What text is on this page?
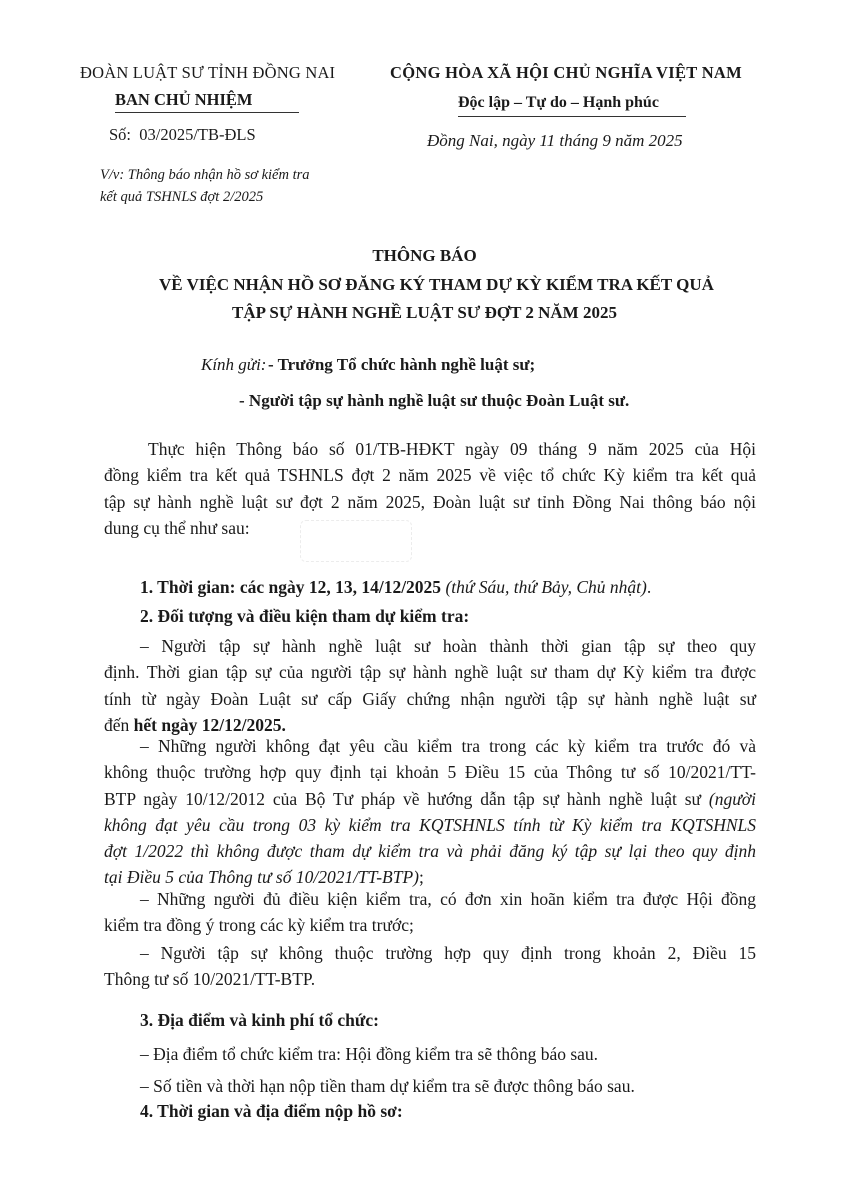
ĐOÀN LUẬT SƯ TỈNH ĐỒNG NAI
BAN CHỦ NHIỆM
Số: 03/2025/TB-ĐLS
V/v: Thông báo nhận hồ sơ kiểm tra
kết quả TSHNLS đợt 2/2025
CỘNG HÒA XÃ HỘI CHỦ NGHĨA VIỆT NAM
Độc lập – Tự do – Hạnh phúc
Đồng Nai, ngày 11 tháng 9 năm 2025
THÔNG BÁO
VỀ VIỆC NHẬN HỒ SƠ ĐĂNG KÝ THAM DỰ KỲ KIỂM TRA KẾT QUẢ
TẬP SỰ HÀNH NGHỀ LUẬT SƯ ĐỢT 2 NĂM 2025
Kính gửi: - Trưởng Tổ chức hành nghề luật sư;
- Người tập sự hành nghề luật sư thuộc Đoàn Luật sư.
Thực hiện Thông báo số 01/TB-HĐKT ngày 09 tháng 9 năm 2025 của Hội
đồng kiểm tra kết quả TSHNLS đợt 2 năm 2025 về việc tổ chức Kỳ kiểm tra kết quả
tập sự hành nghề luật sư đợt 2 năm 2025, Đoàn luật sư tỉnh Đồng Nai thông báo nội
dung cụ thể như sau:
1. Thời gian: các ngày 12, 13, 14/12/2025 (thứ Sáu, thứ Bảy, Chủ nhật).
2. Đối tượng và điều kiện tham dự kiểm tra:
– Người tập sự hành nghề luật sư hoàn thành thời gian tập sự theo quy
định. Thời gian tập sự của người tập sự hành nghề luật sư tham dự Kỳ kiểm tra được
tính từ ngày Đoàn Luật sư cấp Giấy chứng nhận người tập sự hành nghề luật sư
đến hết ngày 12/12/2025.
– Những người không đạt yêu cầu kiểm tra trong các kỳ kiểm tra trước đó và
không thuộc trường hợp quy định tại khoản 5 Điều 15 của Thông tư số 10/2021/TT-
BTP ngày 10/12/2012 của Bộ Tư pháp về hướng dẫn tập sự hành nghề luật sư (người
không đạt yêu cầu trong 03 kỳ kiểm tra KQTSHNLS tính từ Kỳ kiểm tra KQTSHNLS
đợt 1/2022 thì không được tham dự kiểm tra và phải đăng ký tập sự lại theo quy định
tại Điều 5 của Thông tư số 10/2021/TT-BTP);
– Những người đủ điều kiện kiểm tra, có đơn xin hoãn kiểm tra được Hội đồng
kiểm tra đồng ý trong các kỳ kiểm tra trước;
– Người tập sự không thuộc trường hợp quy định trong khoản 2, Điều 15
Thông tư số 10/2021/TT-BTP.
3. Địa điểm và kinh phí tổ chức:
– Địa điểm tổ chức kiểm tra: Hội đồng kiểm tra sẽ thông báo sau.
– Số tiền và thời hạn nộp tiền tham dự kiểm tra sẽ được thông báo sau.
4. Thời gian và địa điểm nộp hồ sơ:
